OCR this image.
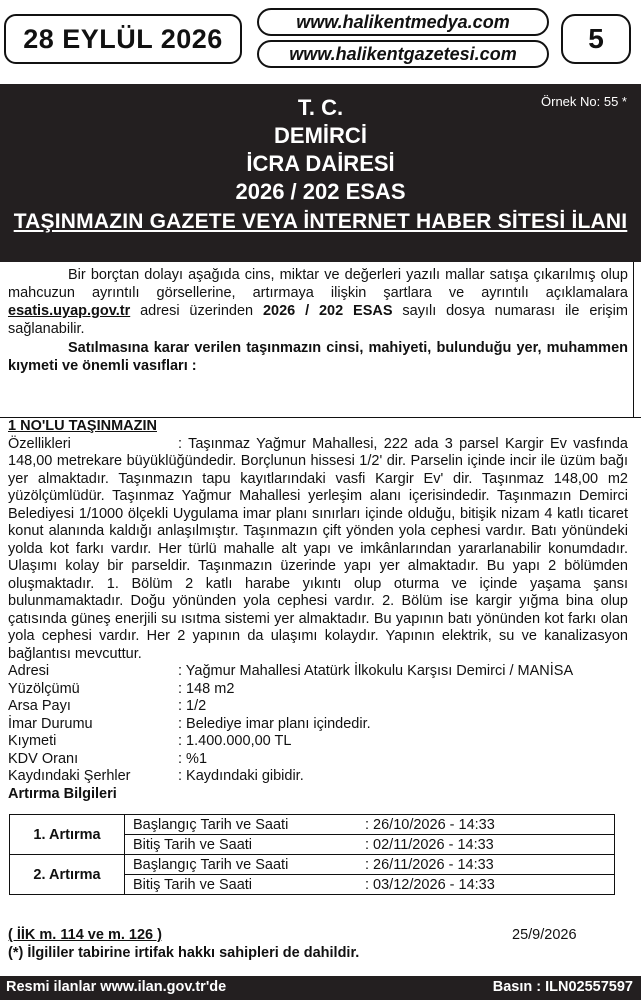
28 EYLÜL 2026
www.halikentmedya.com
www.halikentgazetesi.com	5
Örnek No: 55 *
T. C.
DEMİRCİ
İCRA DAİRESİ
2026 / 202 ESAS
TAŞINMAZIN GAZETE VEYA İNTERNET HABER SİTESİ İLANI

Bir borçtan dolayı aşağıda cins, miktar ve değerleri yazılı mallar satışa çıkarılmış olup mahcuzun ayrıntılı görsellerine, artırmaya ilişkin şartlara ve ayrıntılı açıklamalara esatis.uyap.gov.tr adresi üzerinden 2026 / 202 ESAS sayılı dosya numarası ile erişim sağlanabilir.

Satılmasına karar verilen taşınmazın cinsi, mahiyeti, bulunduğu yer, muhammen kıymeti ve önemli vasıfları :
1 NO'LU TAŞINMAZIN
Özellikleri	: Taşınmaz Yağmur Mahallesi, 222 ada 3 parsel Kargir Ev vasfında 148,00 metrekare büyüklüğündedir. Borçlunun hissesi 1/2' dir. Parselin içinde incir ile üzüm bağı yer almaktadır. Taşınmazın tapu kayıtlarındaki vasfi Kargir Ev' dir. Taşınmaz 148,00 m2 yüzölçümlüdür. Taşınmaz Yağmur Mahallesi yerleşim alanı içerisindedir. Taşınmazın Demirci Belediyesi 1/1000 ölçekli Uygulama imar planı sınırları içinde olduğu, bitişik nizam 4 katlı ticaret konut alanında kaldığı anlaşılmıştır. Taşınmazın çift yönden yola cephesi vardır. Batı yönündeki yolda kot farkı vardır. Her türlü mahalle alt yapı ve imkânlarından yararlanabilir konumdadır. Ulaşımı kolay bir parseldir. Taşınmazın üzerinde yapı yer almaktadır. Bu yapı 2 bölümden oluşmaktadır. 1. Bölüm 2 katlı harabe yıkıntı olup oturma ve içinde yaşama şansı bulunmamaktadır. Doğu yönünden yola cephesi vardır. 2. Bölüm ise kargir yığma bina olup çatısında güneş enerjili su ısıtma sistemi yer almaktadır. Bu yapının batı yönünden kot farkı olan yola cephesi vardır. Her 2 yapının da ulaşımı kolaydır. Yapının elektrik, su ve kanalizasyon bağlantısı mevcuttur.
Adresi	: Yağmur Mahallesi Atatürk İlkokulu Karşısı Demirci / MANİSA
Yüzölçümü	: 148 m2
Arsa Payı	: 1/2
İmar Durumu	: Belediye imar planı içindedir.
Kıymeti	: 1.400.000,00 TL
KDV Oranı	: %1
Kaydındaki Şerhler	: Kaydındaki gibidir.
Artırma Bilgileri
1. Artırma
Başlangıç Tarih ve Saati	: 26/10/2026 - 14:33
Bitiş Tarih ve Saati	: 02/11/2026 - 14:33
2. Artırma
Başlangıç Tarih ve Saati	: 26/11/2026 - 14:33
Bitiş Tarih ve Saati	: 03/12/2026 - 14:33
( İİK m. 114 ve m. 126 )
(*) İlgililer tabirine irtifak hakkı sahipleri de dahildir.
25/9/2026
Resmi ilanlar www.ilan.gov.tr'de	Basın : ILN02557597
